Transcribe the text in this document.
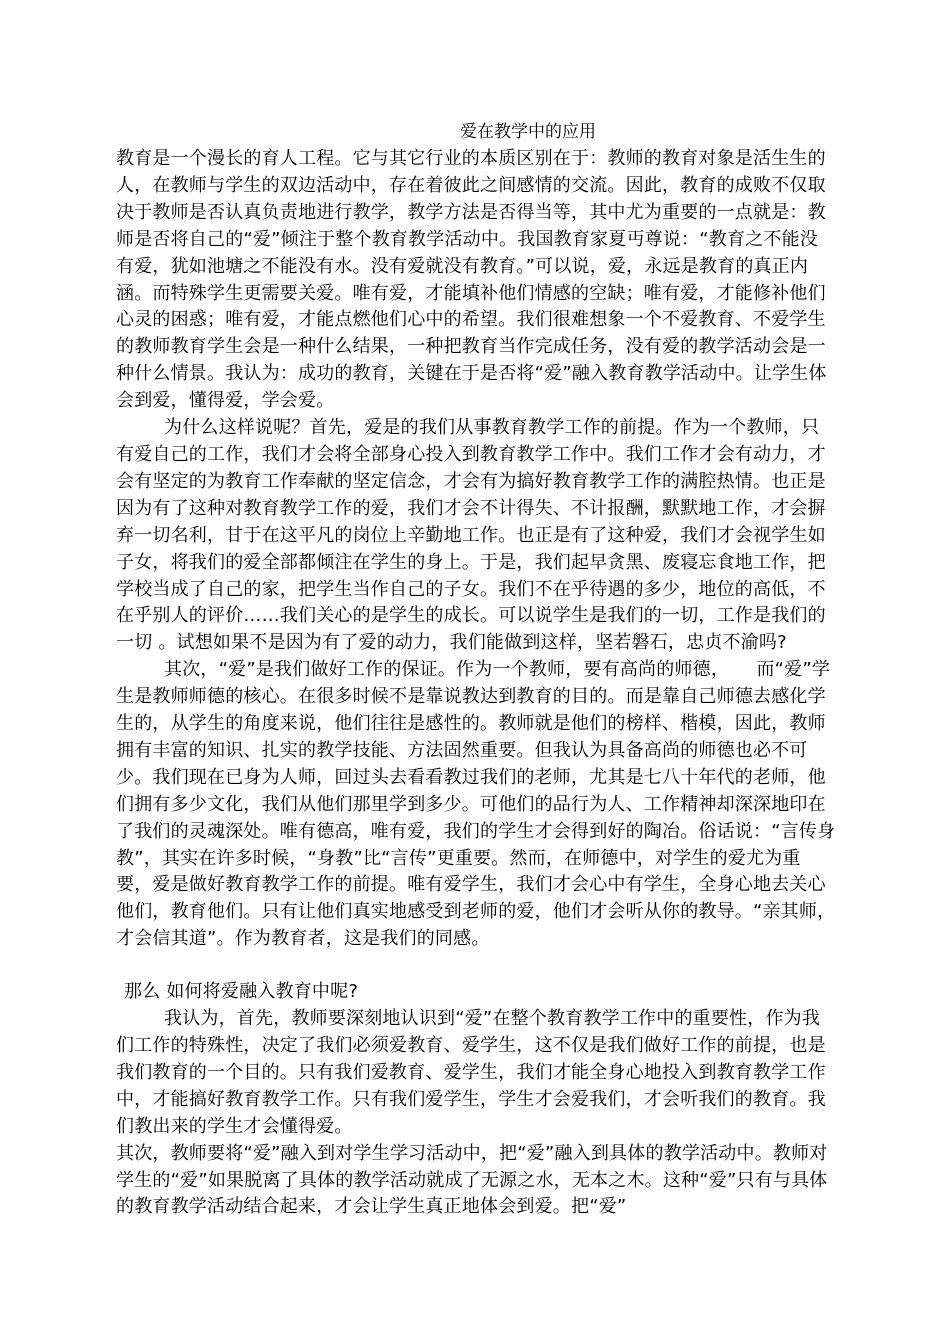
爱在教学中的应用

教育是一个漫长的育人工程。它与其它行业的本质区别在于：教师的教育对象是活生生的人，在教师与学生的双边活动中，存在着彼此之间感情的交流。因此，教育的成败不仅取决于教师是否认真负责地进行教学，教学方法是否得当等，其中尤为重要的一点就是：教师是否将自己的“爱”倾注于整个教育教学活动中。我国教育家夏丏尊说：“教育之不能没有爱，犹如池塘之不能没有水。没有爱就没有教育。”可以说，爱，永远是教育的真正内涵。而特殊学生更需要关爱。唯有爱，才能填补他们情感的空缺；唯有爱，才能修补他们心灵的困惑；唯有爱，才能点燃他们心中的希望。我们很难想象一个不爱教育、不爱学生的教师教育学生会是一种什么结果，一种把教育当作完成任务，没有爱的教学活动会是一种什么情景。我认为：成功的教育，关键在于是否将“爱”融入教育教学活动中。让学生体会到爱，懂得爱，学会爱。

为什么这样说呢？首先，爱是的我们从事教育教学工作的前提。作为一个教师，只有爱自己的工作，我们才会将全部身心投入到教育教学工作中。我们工作才会有动力，才会有坚定的为教育工作奉献的坚定信念，才会有为搞好教育教学工作的满腔热情。也正是因为有了这种对教育教学工作的爱，我们才会不计得失、不计报酬，默默地工作，才会摒弃一切名利，甘于在这平凡的岗位上辛勤地工作。也正是有了这种爱，我们才会视学生如子女，将我们的爱全部都倾注在学生的身上。于是，我们起早贪黑、废寝忘食地工作，把学校当成了自己的家，把学生当作自己的子女。我们不在乎待遇的多少，地位的高低，不在乎别人的评价……我们关心的是学生的成长。可以说学生是我们的一切，工作是我们的一切 。试想如果不是因为有了爱的动力，我们能做到这样，坚若磐石，忠贞不渝吗?

其次，“爱”是我们做好工作的保证。作为一个教师，要有高尚的师德，　　而“爱”学生是教师师德的核心。在很多时候不是靠说教达到教育的目的。而是靠自己师德去感化学生的，从学生的角度来说，他们往往是感性的。教师就是他们的榜样、楷模，因此，教师拥有丰富的知识、扎实的教学技能、方法固然重要。但我认为具备高尚的师德也必不可少。我们现在已身为人师，回过头去看看教过我们的老师，尤其是七八十年代的老师，他们拥有多少文化，我们从他们那里学到多少。可他们的品行为人、工作精神却深深地印在了我们的灵魂深处。唯有德高，唯有爱，我们的学生才会得到好的陶冶。俗话说：“言传身教”，其实在许多时候，“身教”比“言传”更重要。然而，在师德中，对学生的爱尤为重要，爱是做好教育教学工作的前提。唯有爱学生，我们才会心中有学生，全身心地去关心他们，教育他们。只有让他们真实地感受到老师的爱，他们才会听从你的教导。“亲其师，才会信其道”。作为教育者，这是我们的同感。

那么 如何将爱融入教育中呢?

我认为，首先，教师要深刻地认识到“爱”在整个教育教学工作中的重要性，作为我们工作的特殊性，决定了我们必须爱教育、爱学生，这不仅是我们做好工作的前提，也是我们教育的一个目的。只有我们爱教育、爱学生，我们才能全身心地投入到教育教学工作中，才能搞好教育教学工作。只有我们爱学生，学生才会爱我们，才会听我们的教育。我们教出来的学生才会懂得爱。

其次，教师要将“爱”融入到对学生学习活动中，把“爱”融入到具体的教学活动中。教师对学生的“爱”如果脱离了具体的教学活动就成了无源之水，无本之木。这种“爱”只有与具体的教育教学活动结合起来，才会让学生真正地体会到爱。把“爱”
